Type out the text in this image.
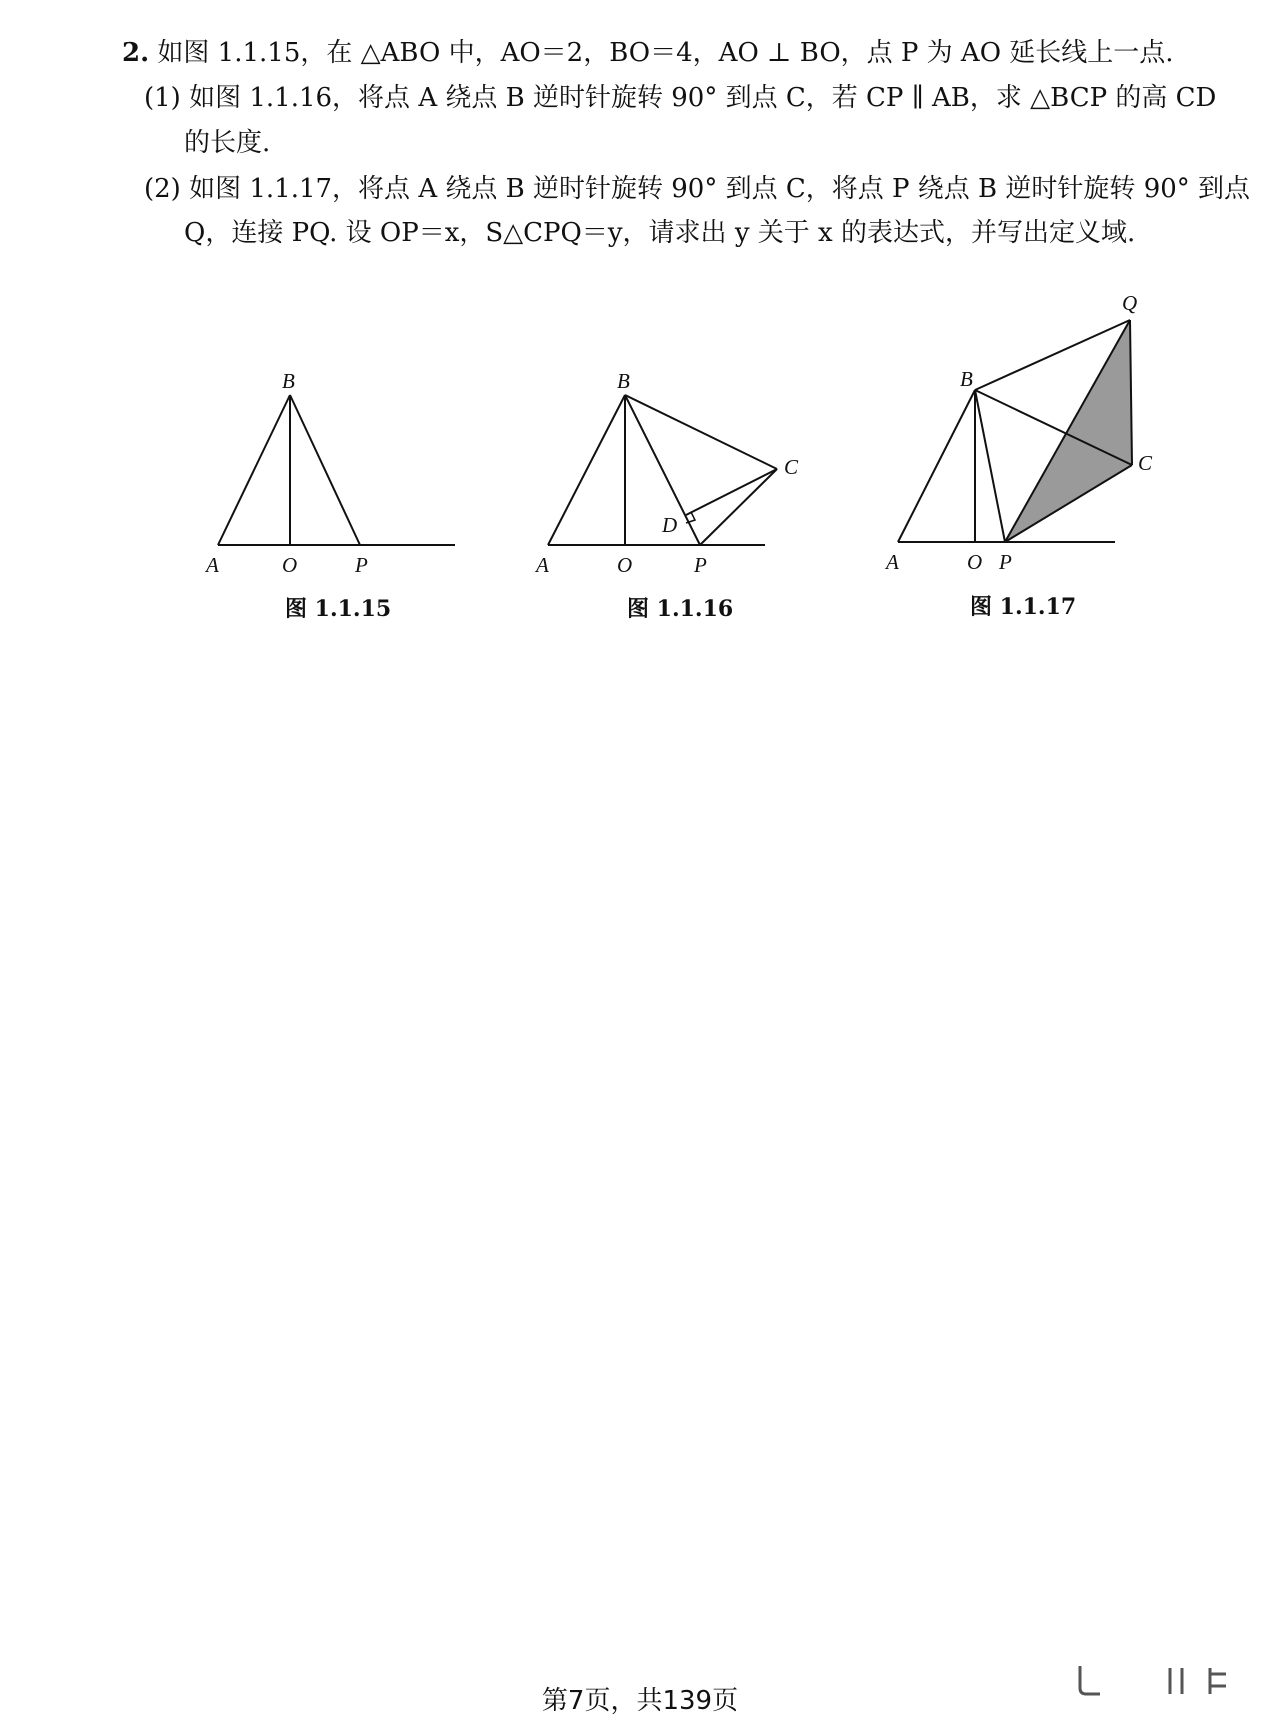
2. 如图 1.1.15，在 △ABO 中，AO＝2，BO＝4，AO ⊥ BO，点 P 为 AO 延长线上一点.
(1) 如图 1.1.16，将点 A 绕点 B 逆时针旋转 90° 到点 C，若 CP ∥ AB，求 △BCP 的高 CD
的长度.
(2) 如图 1.1.17，将点 A 绕点 B 逆时针旋转 90° 到点 C，将点 P 绕点 B 逆时针旋转 90° 到点
Q，连接 PQ. 设 OP＝x，S△CPQ＝y，请求出 y 关于 x 的表达式，并写出定义域.
A	O	P
B
图 1.1.15
A	O	P
B
C
D
图 1.1.16
A	O P
B
C
Q
图 1.1.17
第7页，共139页
